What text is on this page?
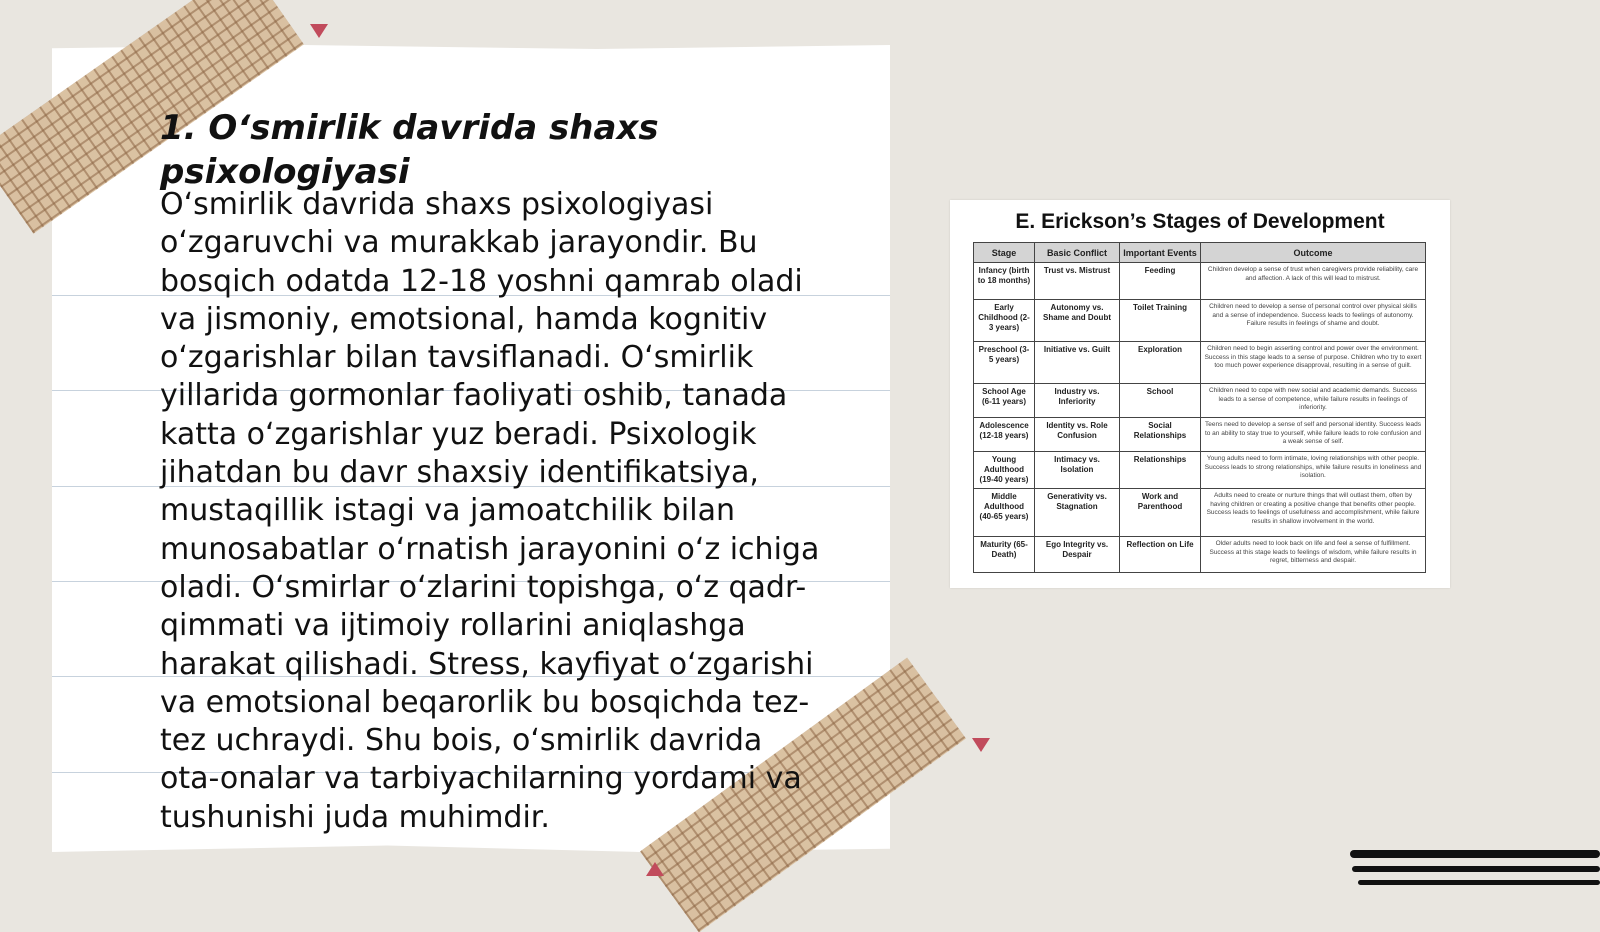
1. O‘smirlik davrida shaxs psixologiyasi

O‘smirlik davrida shaxs psixologiyasi o‘zgaruvchi va murakkab jarayondir. Bu bosqich odatda 12-18 yoshni qamrab oladi va jismoniy, emotsional, hamda kognitiv o‘zgarishlar bilan tavsiflanadi. O‘smirlik yillarida gormonlar faoliyati oshib, tanada katta o‘zgarishlar yuz beradi. Psixologik jihatdan bu davr shaxsiy identifikatsiya, mustaqillik istagi va jamoatchilik bilan munosabatlar o‘rnatish jarayonini o‘z ichiga oladi. O‘smirlar o‘zlarini topishga, o‘z qadr-qimmati va ijtimoiy rollarini aniqlashga harakat qilishadi. Stress, kayfiyat o‘zgarishi va emotsional beqarorlik bu bosqichda tez-tez uchraydi. Shu bois, o‘smirlik davrida ota-onalar va tarbiyachilarning yordami va tushunishi juda muhimdir.

E. Erickson’s Stages of Development
Stage	Basic Conflict	Important Events	Outcome
Infancy (birth to 18 months)	Trust vs. Mistrust	Feeding	Children develop a sense of trust when caregivers provide reliability, care and affection. A lack of this will lead to mistrust.
Early Childhood (2-3 years)	Autonomy vs. Shame and Doubt	Toilet Training	Children need to develop a sense of personal control over physical skills and a sense of independence. Success leads to feelings of autonomy. Failure results in feelings of shame and doubt.
Preschool (3-5 years)	Initiative vs. Guilt	Exploration	Children need to begin asserting control and power over the environment. Success in this stage leads to a sense of purpose. Children who try to exert too much power experience disapproval, resulting in a sense of guilt.
School Age (6-11 years)	Industry vs. Inferiority	School	Children need to cope with new social and academic demands. Success leads to a sense of competence, while failure results in feelings of inferiority.
Adolescence (12-18 years)	Identity vs. Role Confusion	Social Relationships	Teens need to develop a sense of self and personal identity. Success leads to an ability to stay true to yourself, while failure leads to role confusion and a weak sense of self.
Young Adulthood (19-40 years)	Intimacy vs. Isolation	Relationships	Young adults need to form intimate, loving relationships with other people. Success leads to strong relationships, while failure results in loneliness and isolation.
Middle Adulthood (40-65 years)	Generativity vs. Stagnation	Work and Parenthood	Adults need to create or nurture things that will outlast them, often by having children or creating a positive change that benefits other people. Success leads to feelings of usefulness and accomplishment, while failure results in shallow involvement in the world.
Maturity (65-Death)	Ego Integrity vs. Despair	Reflection on Life	Older adults need to look back on life and feel a sense of fulfillment. Success at this stage leads to feelings of wisdom, while failure results in regret, bitterness and despair.
